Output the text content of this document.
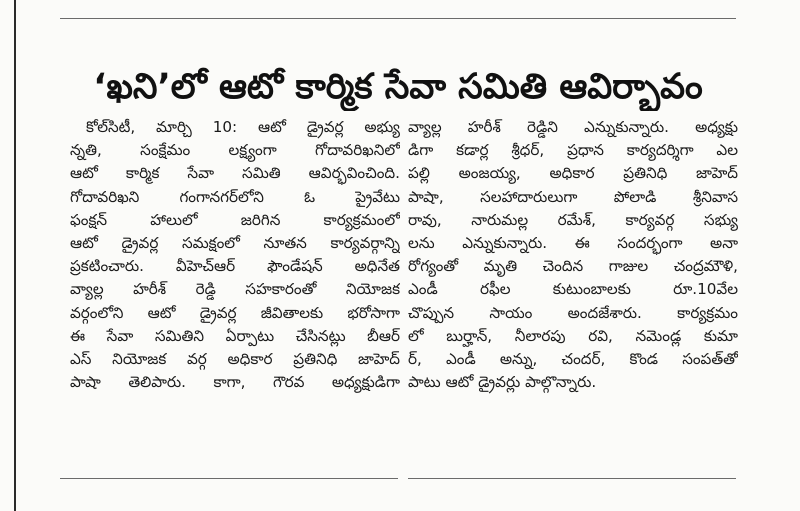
‘ఖని’లో ఆటో కార్మిక సేవా సమితి ఆవిర్భావం
కోల్‌సిటీ, మార్చి 10: ఆటో డ్రైవర్ల అభ్యు
న్నతి, సంక్షేమం లక్ష్యంగా గోదావరిఖనిలో
ఆటో కార్మిక సేవా సమితి ఆవిర్భవించింది.
గోదావరిఖని గంగానగర్‌లోని ఓ ప్రైవేటు
ఫంక్షన్ హాలులో జరిగిన కార్యక్రమంలో
ఆటో డ్రైవర్ల సమక్షంలో నూతన కార్యవర్గాన్ని
ప్రకటించారు. వీహెచ్‌ఆర్ ఫౌండేషన్ అధినేత
వ్యాల్ల హరీశ్ రెడ్డి సహకారంతో నియోజక
వర్గంలోని ఆటో డ్రైవర్ల జీవితాలకు భరోసాగా
ఈ సేవా సమితిని ఏర్పాటు చేసినట్లు బీఆర్
ఎస్ నియోజక వర్గ అధికార ప్రతినిధి జాహెద్
పాషా తెలిపారు. కాగా, గౌరవ అధ్యక్షుడిగా
వ్యాల్ల హరీశ్ రెడ్డిని ఎన్నుకున్నారు. అధ్యక్షు
డిగా కడార్ల శ్రీధర్, ప్రధాన కార్యదర్శిగా ఎల
పల్లి అంజయ్య, అధికార ప్రతినిధి జాహెద్
పాషా, సలహాదారులుగా పోలాడి శ్రీనివాస
రావు, నారుమల్ల రమేశ్, కార్యవర్గ సభ్యు
లను ఎన్నుకున్నారు. ఈ సందర్భంగా అనా
రోగ్యంతో మృతి చెందిన గాజుల చంద్రమౌళి,
ఎండీ రఫీల కుటుంబాలకు రూ.10వేల
చొప్పున సాయం అందజేశారు. కార్యక్రమం
లో బుర్హాన్, నీలారపు రవి, నమెండ్ల కుమా
ర్, ఎండీ అన్ను, చందర్, కొండ సంపత్‌తో
పాటు ఆటో డ్రైవర్లు పాల్గొన్నారు.
